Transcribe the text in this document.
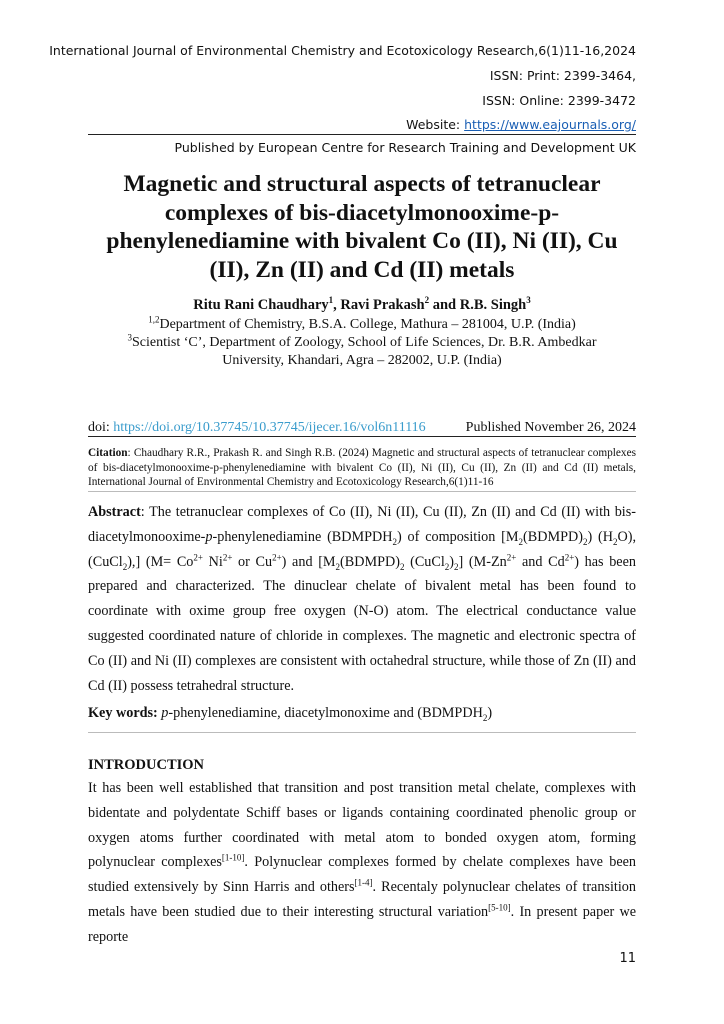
International Journal of Environmental Chemistry and Ecotoxicology Research,6(1)11-16,2024
ISSN: Print: 2399-3464,
ISSN: Online: 2399-3472
Website: https://www.eajournals.org/
Published by European Centre for Research Training and Development UK
Magnetic and structural aspects of tetranuclear
complexes of bis-diacetylmonooxime-p-
phenylenediamine with bivalent Co (II), Ni (II), Cu
(II), Zn (II) and Cd (II) metals
Ritu Rani Chaudhary$^1$, Ravi Prakash$^2$ and R.B. Singh$^3$
$^{1,2}$Department of Chemistry, B.S.A. College, Mathura – 281004, U.P. (India)
$^3$Scientist ‘C’, Department of Zoology, School of Life Sciences, Dr. B.R. Ambedkar
University, Khandari, Agra – 282002, U.P. (India)
doi: https://doi.org/10.37745/10.37745/ijecer.16/vol6n11116	Published November 26, 2024
Citation: Chaudhary R.R., Prakash R. and Singh R.B. (2024) Magnetic and structural aspects of tetranuclear complexes of bis-diacetylmonooxime-p-phenylenediamine with bivalent Co (II), Ni (II), Cu (II), Zn (II) and Cd (II) metals, International Journal of Environmental Chemistry and Ecotoxicology Research,6(1)11-16
Abstract: The tetranuclear complexes of Co (II), Ni (II), Cu (II), Zn (II) and Cd (II) with bis-diacetylmonooxime-p-phenylenediamine $(BDMPDH_2)$ of composition $[M_2(BDMPD)_2)$ $(H_2O)$, (CuCl$_2$),] ($M= Co^{2+}$ $Ni^{2+}$ or $Cu^{2+}$) and [$M_2(BDMPD)_2$ $(CuCl_2)_2$] ($M-Zn^{2+}$ and $Cd^{2+}$) has been prepared and characterized. The dinuclear chelate of bivalent metal has been found to coordinate with oxime group free oxygen (N-O) atom. The electrical conductance value suggested coordinated nature of chloride in complexes. The magnetic and electronic spectra of Co (II) and Ni (II) complexes are consistent with octahedral structure, while those of Zn (II) and Cd (II) possess tetrahedral structure.
Key words: p-phenylenediamine, diacetylmonoxime and $(BDMPDH_2)$
INTRODUCTION
It has been well established that transition and post transition metal chelate, complexes with bidentate and polydentate Schiff bases or ligands containing coordinated phenolic group or oxygen atoms further coordinated with metal atom to bonded oxygen atom, forming polynuclear complexes[1-10]. Polynuclear complexes formed by chelate complexes have been studied extensively by Sinn Harris and others[1-4]. Recentaly polynuclear chelates of transition metals have been studied due to their interesting structural variation[5-10]. In present paper we reporte
11
